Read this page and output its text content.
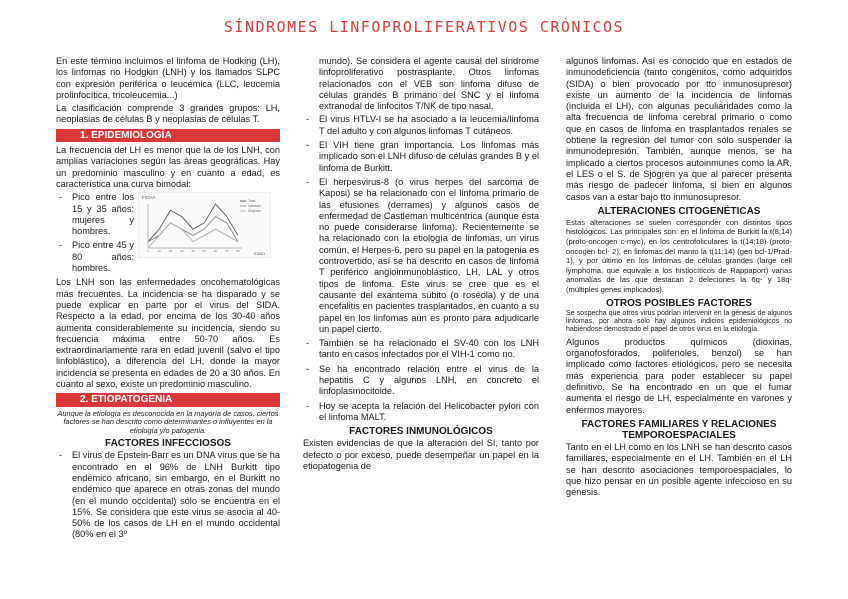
SÍNDROMES LINFOPROLIFERATIVOS CRÓNICOS

En este término incluimos el linfoma de Hodking (LH), los linfomas no Hodgkin (LNH) y los llamados SLPC con expresión periférica o leucémica (LLC, leucemia prolinfocítica, tricoleucemia...)

La clasificación comprende 3 grandes grupos: LH, neoplasias de células B y neoplasias de células T.

1. EPIDEMIOLOGÍA

La frecuencia del LH es menor que la de los LNH, con amplias variaciones según las áreas geográficas. Hay un predominio masculino y en cuanto a edad, es característica una curva bimodal:

- Pico entre los 15 y 35 años: mujeres y hombres.
- Pico entre 45 y 80 años: hombres.

Los LNH son las enfermedades oncohematológicas más frecuentes. La incidencia se ha disparado y se puede explicar en parte por el virus del SIDA. Respecto a la edad, por encima de los 30-40 años aumenta considerablemente su incidencia, siendo su frecuencia máxima entre 50-70 años. Es extraordinariamente rara en edad juvenil (salvo el tipo linfoblástico), a diferencia del LH, donde la mayor incidencia se presenta en edades de 20 a 30 años. En cuanto al sexo, existe un predominio masculino.

2. ETIOPATOGENIA
Aunque la etiología es desconocida en la mayoría de casos, ciertos factores se han descrito como determinantes o influyentes en la etiología y/o patogenia.
FACTORES INFECCIOSOS
- El virus de Epstein-Barr es un DNA virus que se ha encontrado en el 96% de LNH Burkitt tipo endémico africano, sin embargo, en el Burkitt no endémico que aparece en otras zonas del mundo (en el mundo occidental) sólo se encuentra en el 15%. Se considera que este virus se asocia al 40-50% de los casos de LH en el mundo occidental (80% en el 3º
FICHA
EDAD
0	10	20	30	40	50	60	70	80
Total
Varones
Mujeres

mundo). Se considera el agente causal del síndrome linfoproliferativo postrasplante. Otros linfomas relacionados con el VEB son linfoma difuso de células grandes B primario del SNC y el linfoma extranodal de linfocitos T/NK de tipo nasal.

- El virus HTLV-I se ha asociado a la leucemia/linfoma T del adulto y con algunos linfomas T cutáneos.
- El VIH tiene gran importancia. Los linfomas más implicado son el LNH difuso de células grandes B y el linfoma de Burkitt.
- El herpesvirus-8 (o virus herpes del sarcoma de Kaposi) se ha relacionado con el linfoma primario de las efusiones (derrames) y algunos casos de enfermedad de Castleman multicéntrica (aunque ésta no puede considerarse linfoma). Recientemente se ha relacionado con la etiología de linfomas, un virus común, el Herpes-6, pero su papel en la patogenia es controvertido, así se ha descrito en casos de linfoma T periférico angioinmunoblástico, LH, LAL y otros tipos de linfoma. Este virus se cree que es el causante del exantema súbito (o roséola) y de una encefalitis en pacientes trasplantados, en cuanto a su papel en los linfomas aún es pronto para adjudicarle un papel cierto.
- También se ha relacionado el SV-40 con los LNH tanto en casos infectados por el VIH-1 como no.
- Se ha encontrado relación entre el virus de la hepatitis C y algunos LNH, en concreto el linfoplasmocitoide.
- Hoy se acepta la relación del Helicobacter pylori con el linfoma MALT.
FACTORES INMUNOLÓGICOS

Existen evidencias de que la alteración del SI, tanto por defecto o por exceso, puede desempeñar un papel en la etiopatogenia de

algunos linfomas. Así es conocido que en estados de inmunodeficiencia (tanto congénitos, como adquiridos (SIDA) o bien provocado por tto inmunosupresor) existe un aumento de la incidencia de linfomas (incluida el LH), con algunas peculiaridades como la alta frecuencia de linfoma cerebral primario o como que en casos de linfoma en trasplantados renales se obtiene la regresión del tumor con sólo suspender la inmunodepresión. También, aunque menos, se ha implicado a ciertos procesos autoinmunes como la AR, el LES o el S. de Sjögren ya que al parecer presenta más riesgo de padecer linfoma, si bien en algunos casos van a estar bajo tto inmunosupresor.

ALTERACIONES CITOGENÉTICAS

Estas alteraciones se suelen corresponder con distintos tipos histológicos. Las principales son: en el linfoma de Burkitt la t(8;14) (proto-oncogen c-myc), en los centrofoliculares la t(14;18) (proto-oncogen bcl- 2), en linfomas del manto la t(11;14) (gen bcl-1/Prad-1), y por último en los linfomas de células grandes (large cell lymphoma, que equivale a los histiocíticos de Rappaport) varias anomalías de las que destacan 2 deleciones la 6q- y 18q- (múltiples genes implicados).

OTROS POSIBLES FACTORES

Se sospecha que otros virus podrían intervenir en la génesis de algunos linfomas, por ahora sólo hay algunos indicios epidemiológicos no habiéndose demostrado el papel de otros virus en la etiología.

Algunos productos químicos (dioxinas, organofosforados, polifenoles, benzol) se han implicado como factores etiológicos, pero se necesita más experiencia para poder establecer su papel definitivo. Se ha encontrado en un que el fumar aumenta el riesgo de LH, especialmente en varones y enfermos mayores.

FACTORES FAMILIARES Y RELACIONES TEMPOROESPACIALES

Tanto en el LH como en los LNH se han descrito casos familiares, especialmente en el LH. También en el LH se han descrito asociaciones temporoespaciales, lo que hizo pensar en un posible agente infeccioso en su génesis.
